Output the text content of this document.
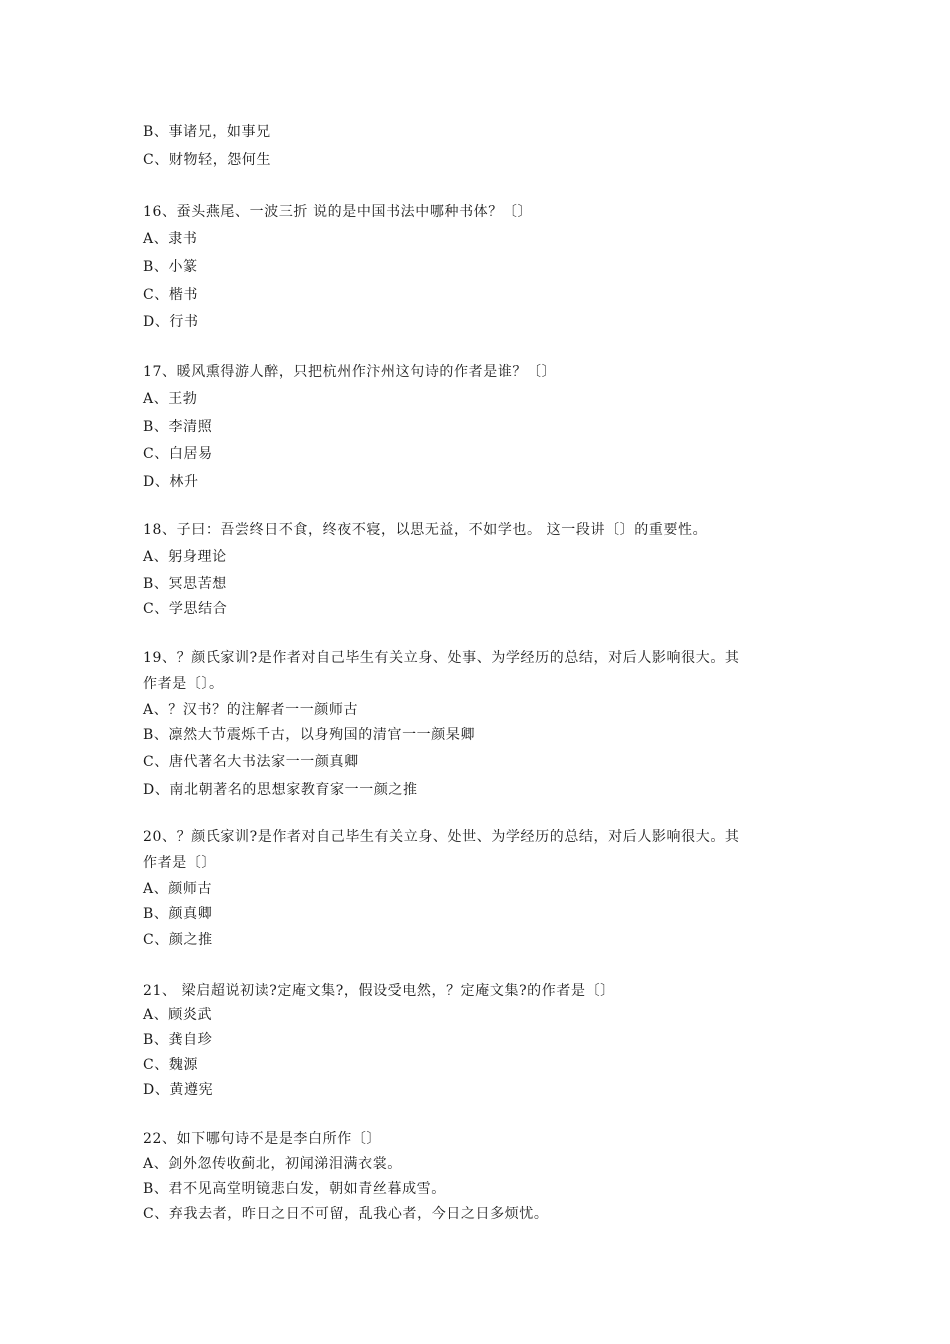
B、事诸兄，如事兄
C、财物轻，怨何生
16、蚕头燕尾、一波三折 说的是中国书法中哪种书体？〔〕
A、隶书
B、小篆
C、楷书
D、行书
17、暖风熏得游人醉，只把杭州作汴州这句诗的作者是谁？〔〕
A、王勃
B、李清照
C、白居易
D、林升
18、子曰：吾尝终日不食，终夜不寝，以思无益，不如学也。 这一段讲〔〕的重要性。
A、躬身理论
B、冥思苦想
C、学思结合
19、？颜氏家训?是作者对自己毕生有关立身、处事、为学经历的总结，对后人影响很大。其
作者是〔〕。
A、？汉书？的注解者一一颜师古
B、凛然大节震烁千古，以身殉国的清官一一颜杲卿
C、唐代著名大书法家一一颜真卿
D、南北朝著名的思想家教育家一一颜之推
20、？颜氏家训?是作者对自己毕生有关立身、处世、为学经历的总结，对后人影响很大。其
作者是〔〕
A、颜师古
B、颜真卿
C、颜之推
21、 梁启超说初读?定庵文集?，假设受电然，？定庵文集?的作者是〔〕
A、顾炎武
B、龚自珍
C、魏源
D、黄遵宪
22、如下哪句诗不是是李白所作〔〕
A、剑外忽传收蓟北，初闻涕泪满衣裳。
B、君不见高堂明镜悲白发，朝如青丝暮成雪。
C、弃我去者，昨日之日不可留，乱我心者，今日之日多烦忧。
